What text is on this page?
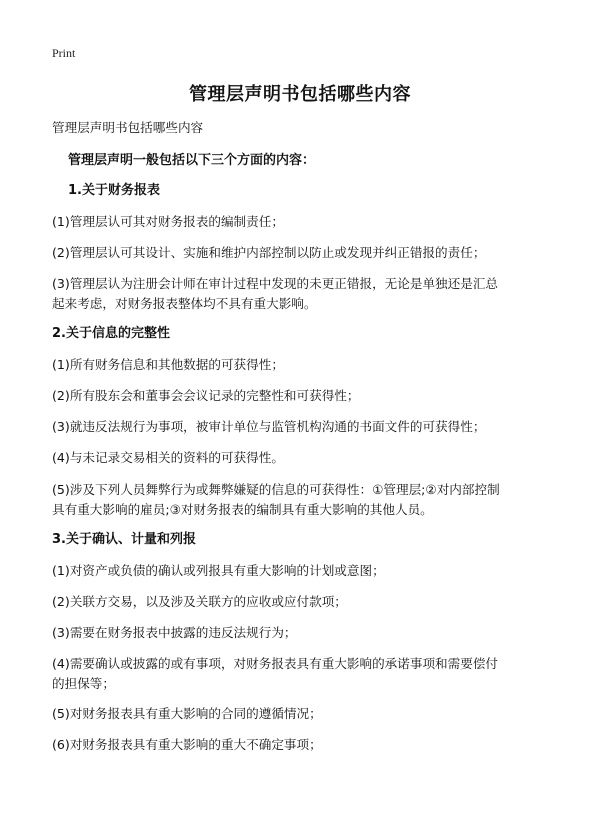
Print
管理层声明书包括哪些内容
管理层声明书包括哪些内容
管理层声明一般包括以下三个方面的内容：
1.关于财务报表
(1)管理层认可其对财务报表的编制责任；
(2)管理层认可其设计、实施和维护内部控制以防止或发现并纠正错报的责任；
(3)管理层认为注册会计师在审计过程中发现的未更正错报，无论是单独还是汇总
起来考虑，对财务报表整体均不具有重大影响。
2.关于信息的完整性
(1)所有财务信息和其他数据的可获得性；
(2)所有股东会和董事会会议记录的完整性和可获得性；
(3)就违反法规行为事项，被审计单位与监管机构沟通的书面文件的可获得性；
(4)与未记录交易相关的资料的可获得性。
(5)涉及下列人员舞弊行为或舞弊嫌疑的信息的可获得性：①管理层;②对内部控制
具有重大影响的雇员;③对财务报表的编制具有重大影响的其他人员。
3.关于确认、计量和列报
(1)对资产或负债的确认或列报具有重大影响的计划或意图；
(2)关联方交易，以及涉及关联方的应收或应付款项；
(3)需要在财务报表中披露的违反法规行为；
(4)需要确认或披露的或有事项，对财务报表具有重大影响的承诺事项和需要偿付
的担保等；
(5)对财务报表具有重大影响的合同的遵循情况；
(6)对财务报表具有重大影响的重大不确定事项；
